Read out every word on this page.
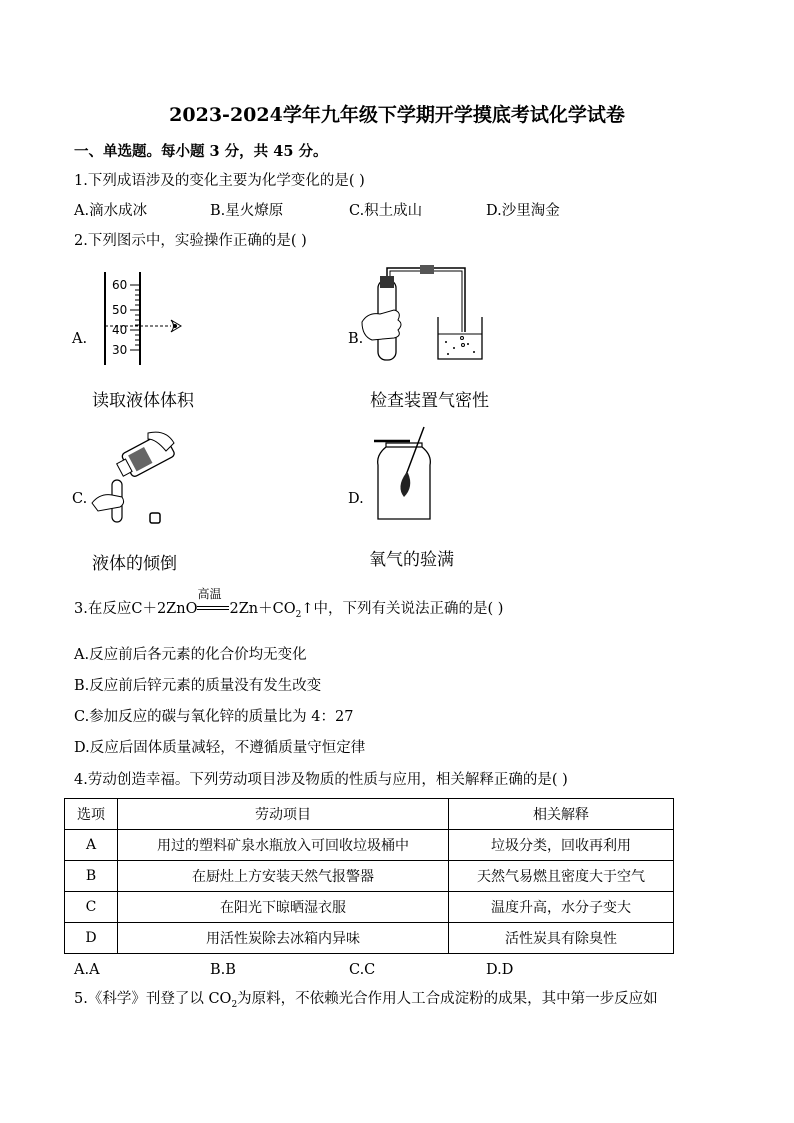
2023-2024学年九年级下学期开学摸底考试化学试卷
一、单选题。每小题 3 分，共 45 分。
1.下列成语涉及的变化主要为化学变化的是( )
A.滴水成冰	B.星火燎原	C.积土成山	D.沙里淘金
2.下列图示中，实验操作正确的是( )
A.
60
50
40
30
读取液体体积
B.
检查装置气密性
C.
液体的倾倒
D.
氧气的验满
3.在反应C＋2ZnO
高温
$2Zn+CO_2↑$中，下列有关说法正确的是( )
A.反应前后各元素的化合价均无变化
B.反应前后锌元素的质量没有发生改变
C.参加反应的碳与氧化锌的质量比为 4：27
D.反应后固体质量减轻，不遵循质量守恒定律
4.劳动创造幸福。下列劳动项目涉及物质的性质与应用，相关解释正确的是( )
选项	劳动项目	相关解释
A	用过的塑料矿泉水瓶放入可回收垃圾桶中	垃圾分类，回收再利用
B	在厨灶上方安装天然气报警器	天然气易燃且密度大于空气
C	在阳光下晾晒湿衣服	温度升高，水分子变大
D	用活性炭除去冰箱内异味	活性炭具有除臭性
A.A	B.B	C.C	D.D
5.《科学》刊登了以 $CO_2$为原料，不依赖光合作用人工合成淀粉的成果，其中第一步反应如
